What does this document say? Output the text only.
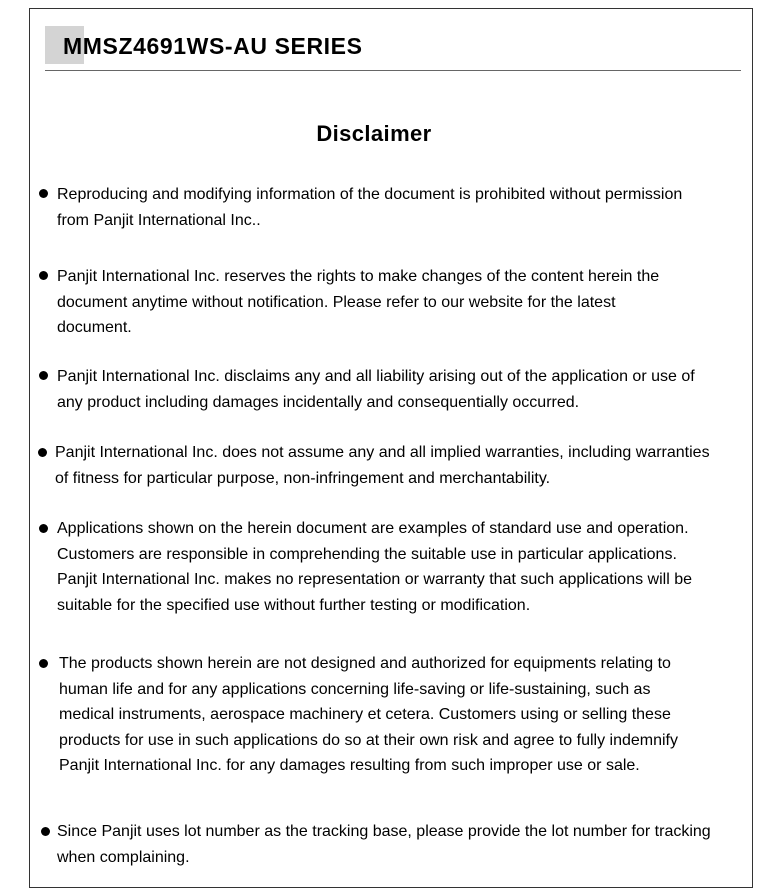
MMSZ4691WS-AU SERIES
Disclaimer
Reproducing and modifying information of the document is prohibited without permission
from Panjit International Inc..
Panjit International Inc. reserves the rights to make changes of the content herein the
document anytime without notification. Please refer to our website for the latest
document.
Panjit International Inc. disclaims any and all liability arising out of the application or use of
any product including damages incidentally and consequentially occurred.
Panjit International Inc. does not assume any and all implied warranties, including warranties
of fitness for particular purpose, non-infringement and merchantability.
Applications shown on the herein document are examples of standard use and operation.
Customers are responsible in comprehending the suitable use in particular applications.
Panjit International Inc. makes no representation or warranty that such applications will be
suitable for the specified use without further testing or modification.
The products shown herein are not designed and authorized for equipments relating to
human life and for any applications concerning life-saving or life-sustaining, such as
medical instruments, aerospace machinery et cetera. Customers using or selling these
products for use in such applications do so at their own risk and agree to fully indemnify
Panjit International Inc. for any damages resulting from such improper use or sale.
Since Panjit uses lot number as the tracking base, please provide the lot number for tracking
when complaining.
